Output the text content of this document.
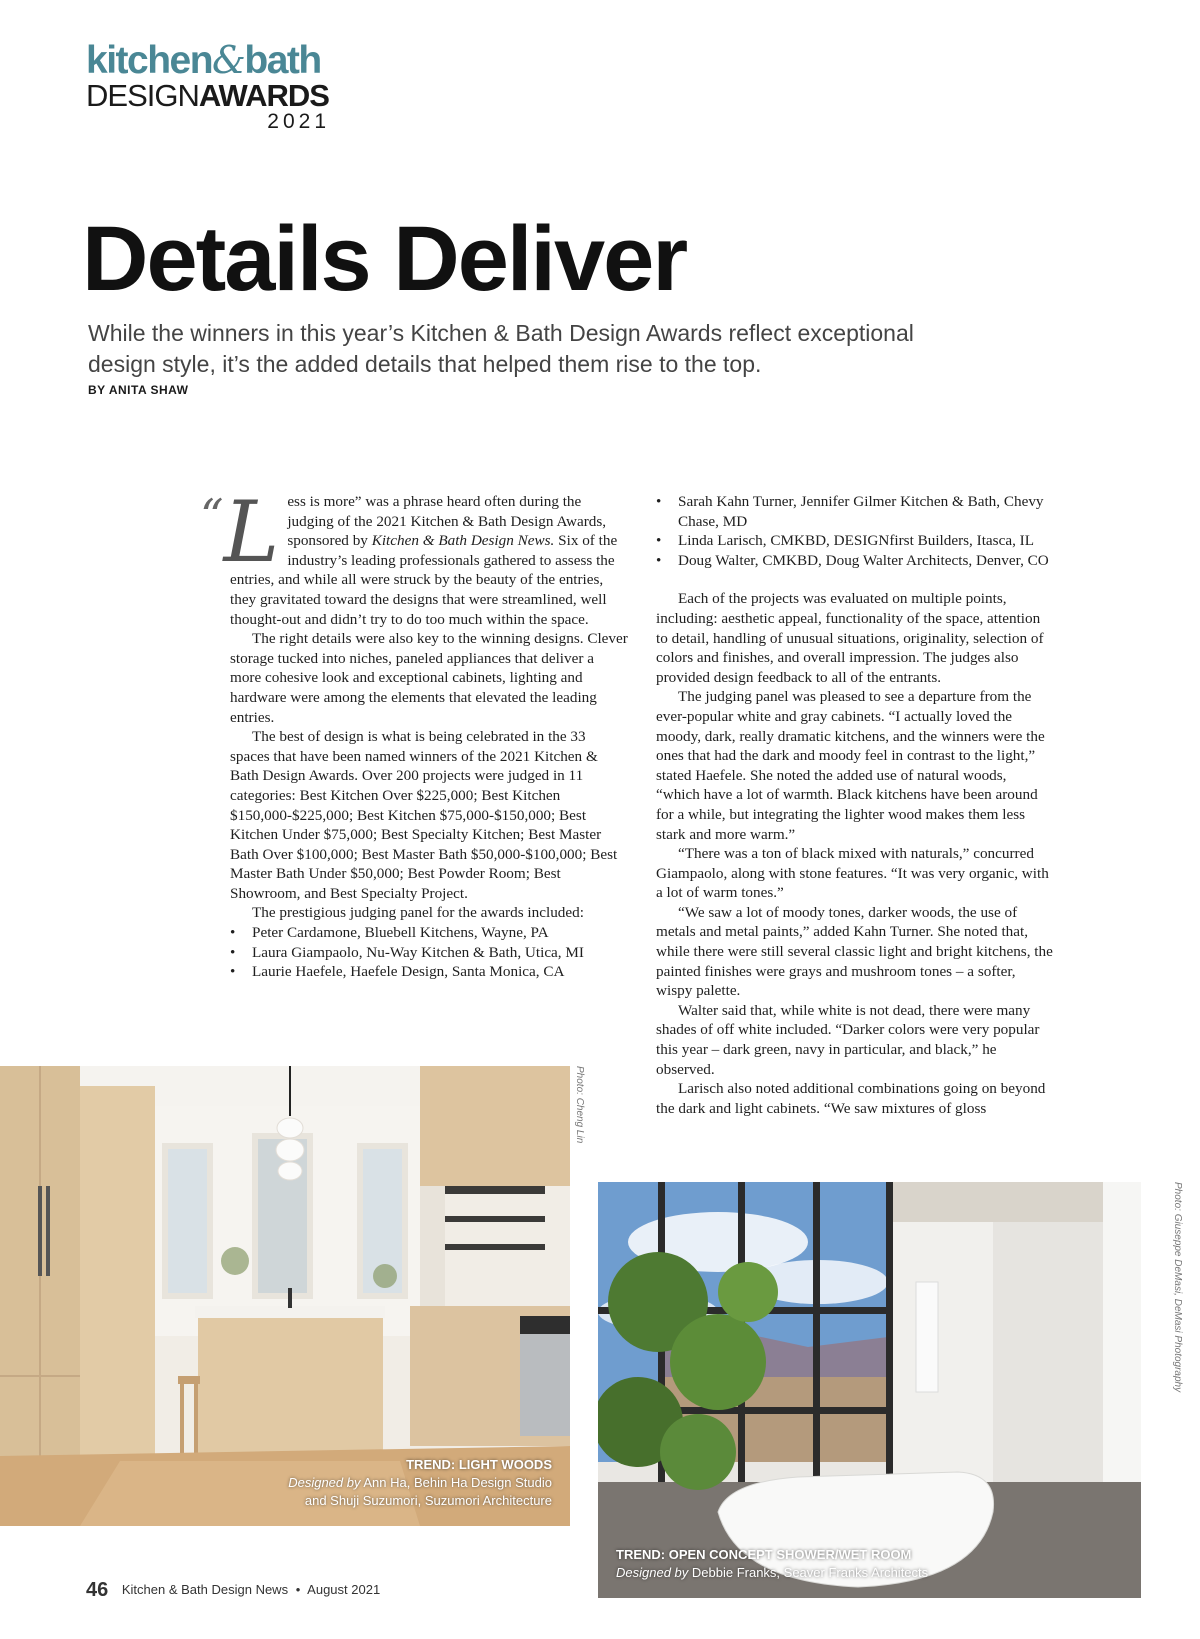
kitchen&bath
DESIGNAWARDS
2021
Details Deliver
While the winners in this year’s Kitchen & Bath Design Awards reflect exceptional design style, it’s the added details that helped them rise to the top.
BY ANITA SHAW

“L ess is more” was a phrase heard often during the judging of the 2021 Kitchen & Bath Design Awards, sponsored by Kitchen & Bath Design News. Six of the industry’s leading professionals gathered to assess the entries, and while all were struck by the beauty of the entries, they gravitated toward the designs that were streamlined, well thought-out and didn’t try to do too much within the space.

The right details were also key to the winning designs. Clever storage tucked into niches, paneled appliances that deliver a more cohesive look and exceptional cabinets, lighting and hardware were among the elements that elevated the leading entries.

The best of design is what is being celebrated in the 33 spaces that have been named winners of the 2021 Kitchen & Bath Design Awards. Over 200 projects were judged in 11 categories: Best Kitchen Over $225,000; Best Kitchen $150,000-$225,000; Best Kitchen $75,000-$150,000; Best Kitchen Under $75,000; Best Specialty Kitchen; Best Master Bath Over $100,000; Best Master Bath $50,000-$100,000; Best Master Bath Under $50,000; Best Powder Room; Best Showroom, and Best Specialty Project.

The prestigious judging panel for the awards included:

• Peter Cardamone, Bluebell Kitchens, Wayne, PA
• Laura Giampaolo, Nu-Way Kitchen & Bath, Utica, MI
• Laurie Haefele, Haefele Design, Santa Monica, CA
• Sarah Kahn Turner, Jennifer Gilmer Kitchen & Bath, Chevy Chase, MD
• Linda Larisch, CMKBD, DESIGNfirst Builders, Itasca, IL
• Doug Walter, CMKBD, Doug Walter Architects, Denver, CO

Each of the projects was evaluated on multiple points, including: aesthetic appeal, functionality of the space, attention to detail, handling of unusual situations, originality, selection of colors and finishes, and overall impression. The judges also provided design feedback to all of the entrants.

The judging panel was pleased to see a departure from the ever-popular white and gray cabinets. “I actually loved the moody, dark, really dramatic kitchens, and the winners were the ones that had the dark and moody feel in contrast to the light,” stated Haefele. She noted the added use of natural woods, “which have a lot of warmth. Black kitchens have been around for a while, but integrating the lighter wood makes them less stark and more warm.”

“There was a ton of black mixed with naturals,” concurred Giampaolo, along with stone features. “It was very organic, with a lot of warm tones.”

“We saw a lot of moody tones, darker woods, the use of metals and metal paints,” added Kahn Turner. She noted that, while there were still several classic light and bright kitchens, the painted finishes were grays and mushroom tones – a softer, wispy palette.

Walter said that, while white is not dead, there were many shades of off white included. “Darker colors were very popular this year – dark green, navy in particular, and black,” he observed.

Larisch also noted additional combinations going on beyond the dark and light cabinets. “We saw mixtures of gloss

TREND: LIGHT WOODS
Designed by Ann Ha, Behin Ha Design Studio
and Shuji Suzumori, Suzumori Architecture
Photo: Cheng Lin
TREND: OPEN CONCEPT SHOWER/WET ROOM
Designed by Debbie Franks, Seaver Franks Architects
Photo: Giuseppe DeMasi, DeMasi Photography
46 Kitchen & Bath Design News • August 2021
